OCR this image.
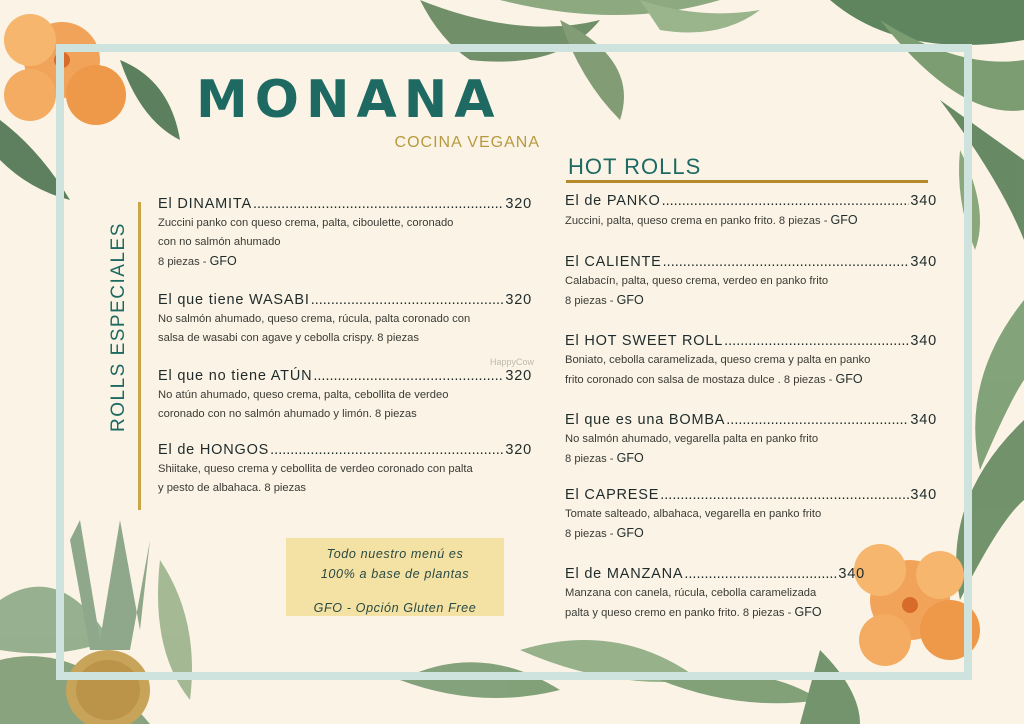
MONANA
COCINA VEGANA
ROLLS ESPECIALES
El DINAMITA .....	320
Zuccini panko con queso crema, palta, ciboulette, coronado
con no salmón ahumado
8 piezas - GFO
El que tiene WASABI .....	320
No salmón ahumado, queso crema, rúcula, palta coronado con
salsa de wasabi con agave y cebolla crispy. 8 piezas
El que no tiene ATÚN .....	320
No atún ahumado, queso crema, palta, cebollita de verdeo
coronado con no salmón ahumado y limón. 8 piezas
El de HONGOS .....	320
Shiitake, queso crema y cebollita de verdeo coronado con palta
y pesto de albahaca. 8 piezas
HappyCow
Todo nuestro menú es
100% a base de plantas
GFO - Opción Gluten Free
HOT ROLLS
El de PANKO .....	340
Zuccini, palta, queso crema en panko frito. 8 piezas - GFO
El CALIENTE .....	340
Calabacín, palta, queso crema, verdeo en panko frito
8 piezas - GFO
El HOT SWEET ROLL .....	340
Boniato, cebolla caramelizada, queso crema y palta en panko
frito coronado con salsa de mostaza dulce . 8 piezas - GFO
El que es una BOMBA .....	340
No salmón ahumado, vegarella palta en panko frito
8 piezas - GFO
El CAPRESE .....	340
Tomate salteado, albahaca, vegarella en panko frito
8 piezas - GFO
El de MANZANA .....	340
Manzana con canela, rúcula, cebolla caramelizada
palta y queso cremo en panko frito. 8 piezas - GFO
